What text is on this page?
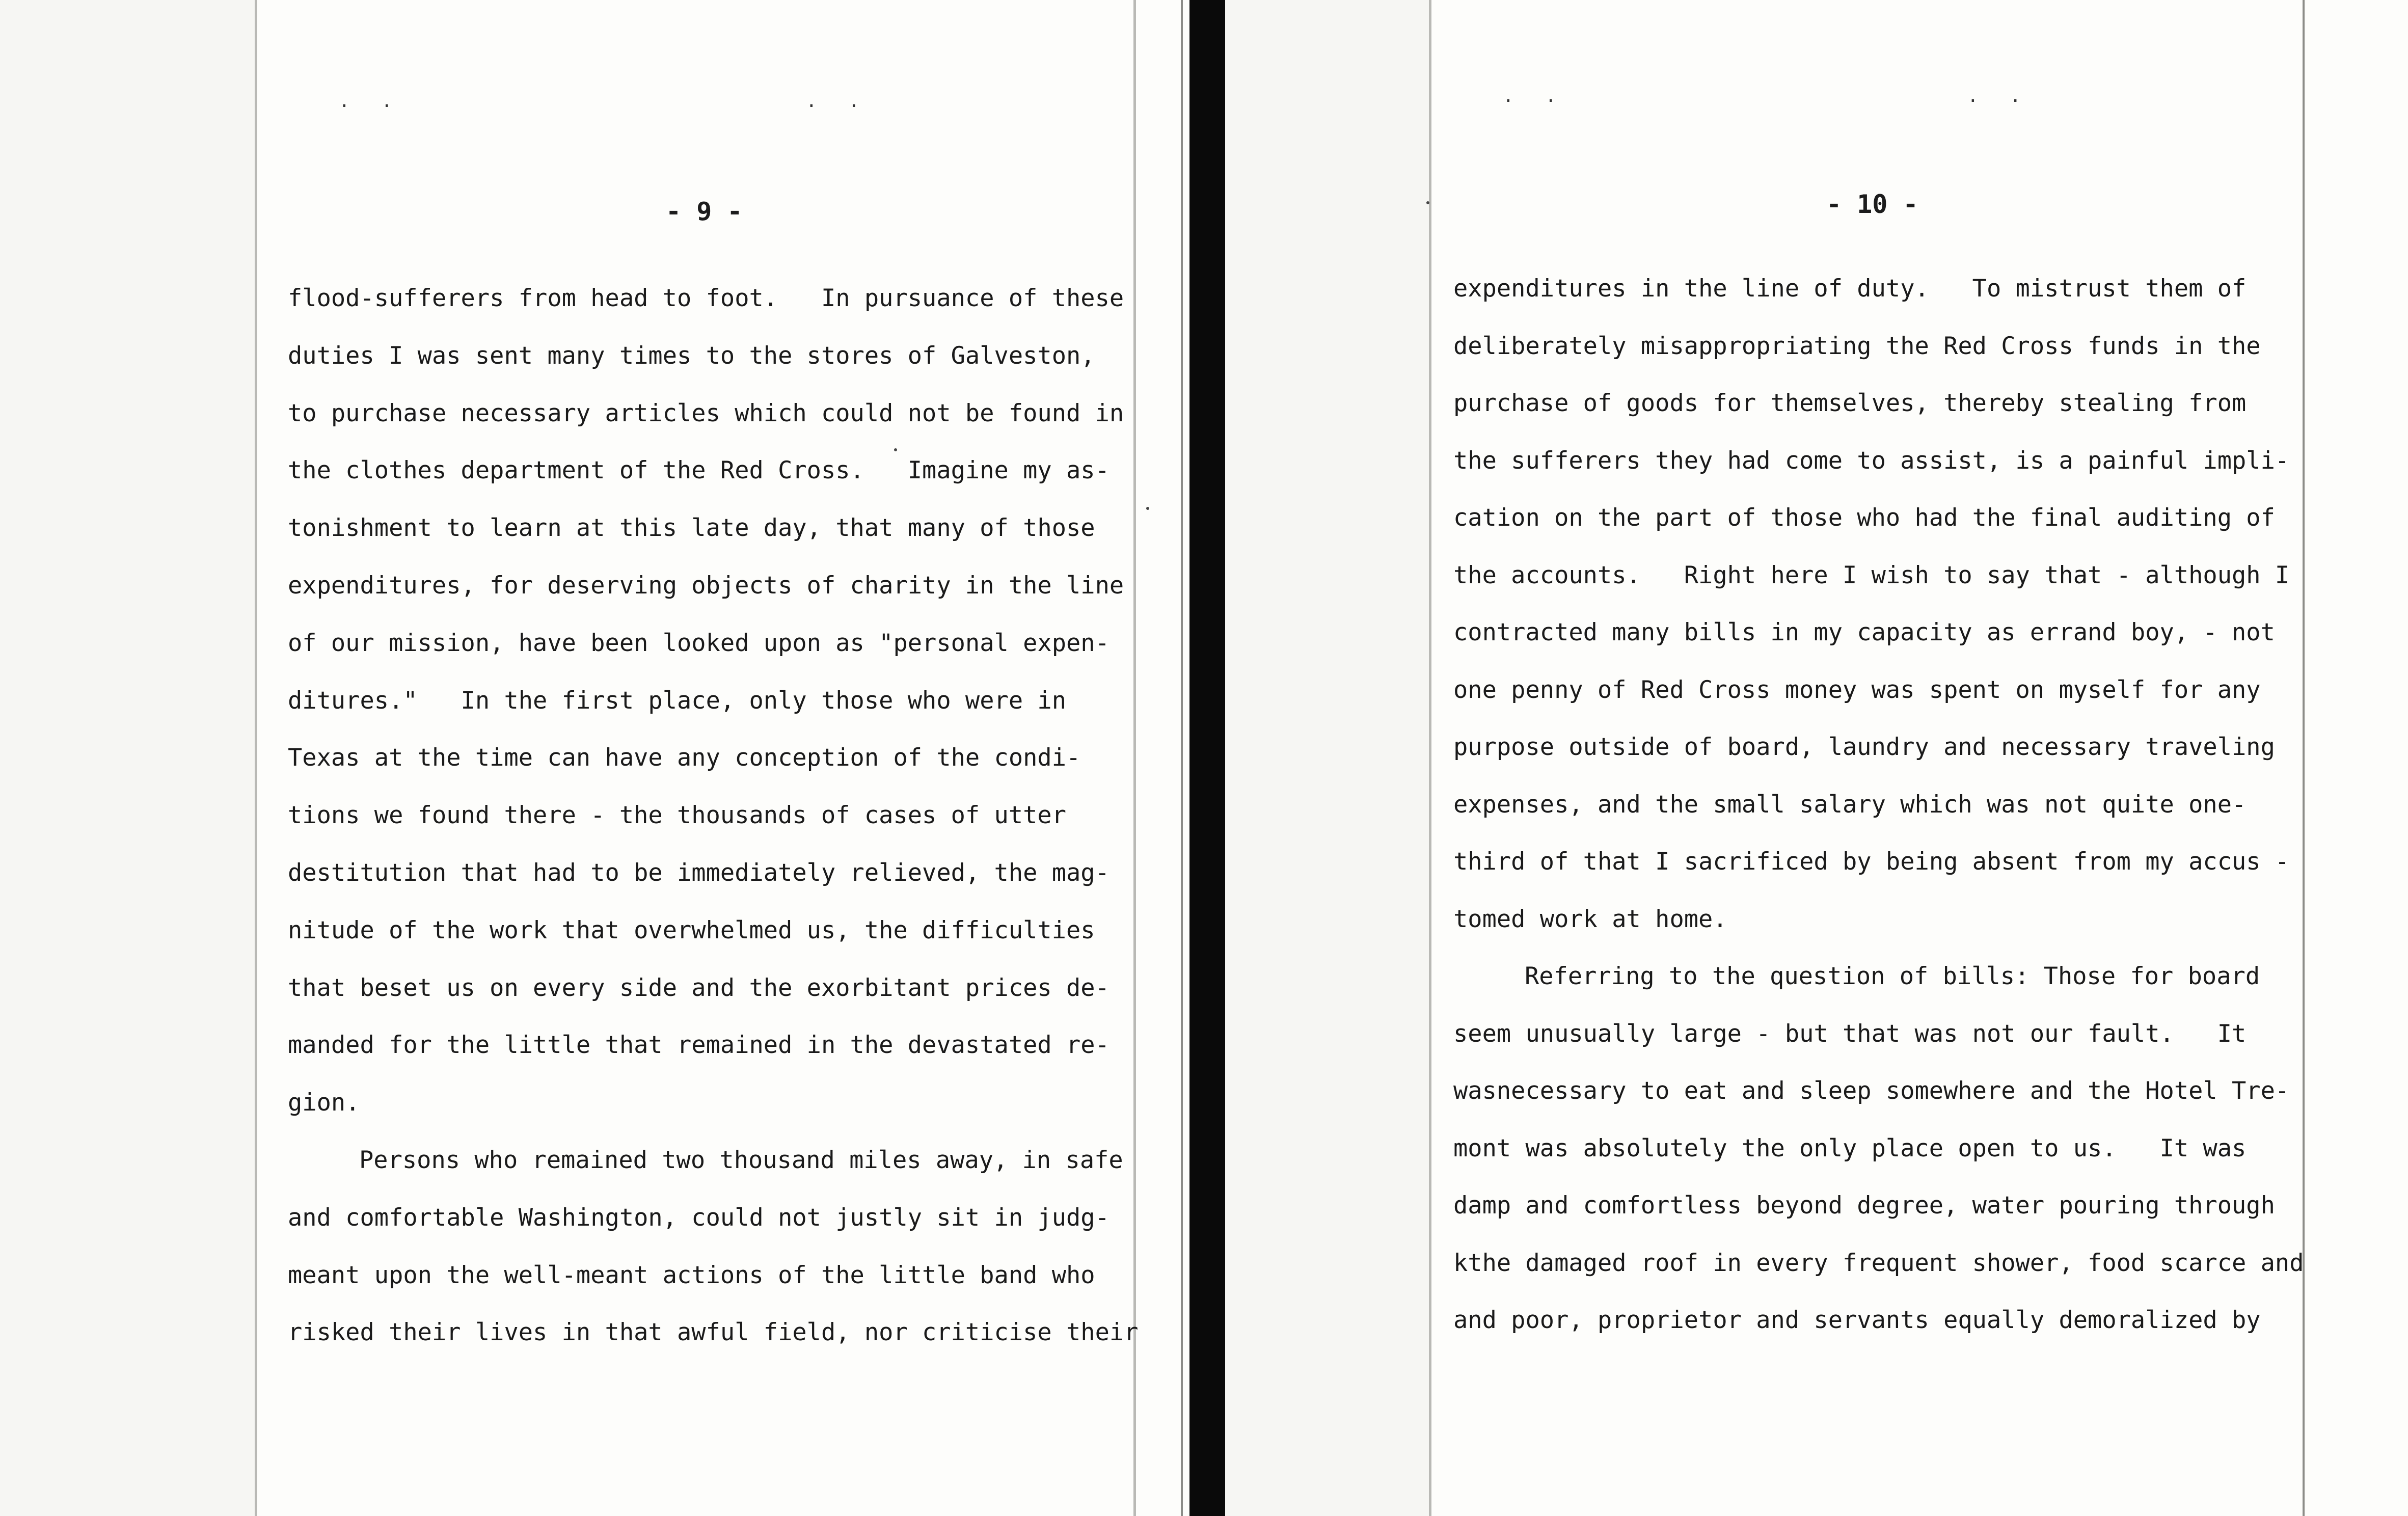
. .	. .
- 9 -
flood-sufferers from head to foot.   In pursuance of these
duties I was sent many times to the stores of Galveston,
to purchase necessary articles which could not be found in
the clothes department of the Red Cross.   Imagine my as-
tonishment to learn at this late day, that many of those
expenditures, for deserving objects of charity in the line
of our mission, have been looked upon as "personal expen-
ditures."   In the first place, only those who were in
Texas at the time can have any conception of the condi-
tions we found there - the thousands of cases of utter
destitution that had to be immediately relieved, the mag-
nitude of the work that overwhelmed us, the difficulties
that beset us on every side and the exorbitant prices de-
manded for the little that remained in the devastated re-
gion.
Persons who remained two thousand miles away, in safe
and comfortable Washington, could not justly sit in judg-
meant upon the well-meant actions of the little band who
risked their lives in that awful field, nor criticise their
. .	. .
- 10 -
expenditures in the line of duty.   To mistrust them of
deliberately misappropriating the Red Cross funds in the
purchase of goods for themselves, thereby stealing from
the sufferers they had come to assist, is a painful impli-
cation on the part of those who had the final auditing of
the accounts.   Right here I wish to say that - although I
contracted many bills in my capacity as errand boy, - not
one penny of Red Cross money was spent on myself for any
purpose outside of board, laundry and necessary traveling
expenses, and the small salary which was not quite one-
third of that I sacrificed by being absent from my accus -
tomed work at home.
Referring to the question of bills: Those for board
seem unusually large - but that was not our fault.   It
wasnecessary to eat and sleep somewhere and the Hotel Tre-
mont was absolutely the only place open to us.   It was
damp and comfortless beyond degree, water pouring through
kthe damaged roof in every frequent shower, food scarce and
and poor, proprietor and servants equally demoralized by
